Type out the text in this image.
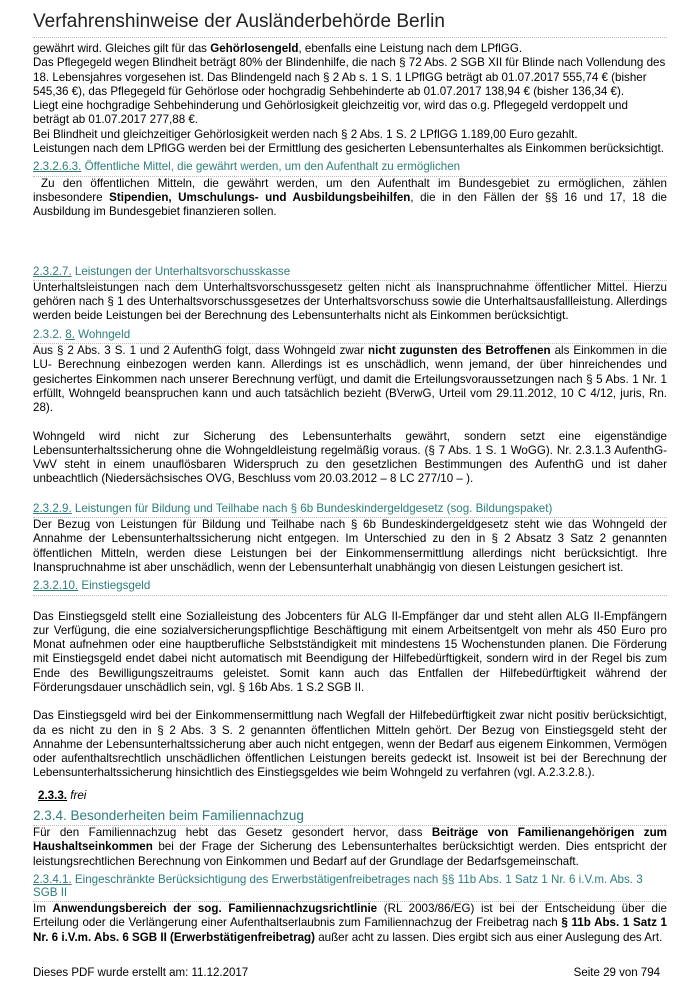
Verfahrenshinweise der Ausländerbehörde Berlin

gewährt wird. Gleiches gilt für das Gehörlosengeld, ebenfalls eine Leistung nach dem LPflGG.

Das Pflegegeld wegen Blindheit beträgt 80% der Blindenhilfe, die nach § 72 Abs. 2 SGB XII für Blinde nach Vollendung des 18. Lebensjahres vorgesehen ist. Das Blindengeld nach § 2 Ab s. 1 S. 1 LPflGG beträgt ab 01.07.2017 555,74 € (bisher 545,36 €), das Pflegegeld für Gehörlose oder hochgradig Sehbehinderte ab 01.07.2017 138,94 € (bisher 136,34 €).

Liegt eine hochgradige Sehbehinderung und Gehörlosigkeit gleichzeitig vor, wird das o.g. Pflegegeld verdoppelt und beträgt ab 01.07.2017 277,88 €.

Bei Blindheit und gleichzeitiger Gehörlosigkeit werden nach § 2 Abs. 1 S. 2 LPflGG 1.189,00 Euro gezahlt.

Leistungen nach dem LPflGG werden bei der Ermittlung des gesicherten Lebensunterhaltes als Einkommen berücksichtigt.

2.3.2.6.3. Öffentliche Mittel, die gewährt werden, um den Aufenthalt zu ermöglichen

Zu den öffentlichen Mitteln, die gewährt werden, um den Aufenthalt im Bundesgebiet zu ermöglichen, zählen insbesondere Stipendien, Umschulungs- und Ausbildungsbeihilfen, die in den Fällen der §§ 16 und 17, 18 die Ausbildung im Bundesgebiet finanzieren sollen.

2.3.2.7. Leistungen der Unterhaltsvorschusskasse

Unterhaltsleistungen nach dem Unterhaltsvorschussgesetz gelten nicht als Inanspruchnahme öffentlicher Mittel. Hierzu gehören nach § 1 des Unterhaltsvorschussgesetzes der Unterhaltsvorschuss sowie die Unterhaltsausfallleistung. Allerdings werden beide Leistungen bei der Berechnung des Lebensunterhalts nicht als Einkommen berücksichtigt.

2.3.2. 8. Wohngeld

Aus § 2 Abs. 3 S. 1 und 2 AufenthG folgt, dass Wohngeld zwar nicht zugunsten des Betroffenen als Einkommen in die LU- Berechnung einbezogen werden kann. Allerdings ist es unschädlich, wenn jemand, der über hinreichendes und gesichertes Einkommen nach unserer Berechnung verfügt, und damit die Erteilungsvoraussetzungen nach § 5 Abs. 1 Nr. 1 erfüllt, Wohngeld beanspruchen kann und auch tatsächlich bezieht (BVerwG, Urteil vom 29.11.2012, 10 C 4/12, juris, Rn. 28).

Wohngeld wird nicht zur Sicherung des Lebensunterhalts gewährt, sondern setzt eine eigenständige Lebensunterhaltssicherung ohne die Wohngeldleistung regelmäßig voraus. (§ 7 Abs. 1 S. 1 WoGG). Nr. 2.3.1.3 AufenthG-VwV steht in einem unauflösbaren Widerspruch zu den gesetzlichen Bestimmungen des AufenthG und ist daher unbeachtlich (Niedersächsisches OVG, Beschluss vom 20.03.2012 – 8 LC 277/10 – ).

2.3.2.9. Leistungen für Bildung und Teilhabe nach § 6b Bundeskindergeldgesetz (sog. Bildungspaket)

Der Bezug von Leistungen für Bildung und Teilhabe nach § 6b Bundeskindergeldgesetz steht wie das Wohngeld der Annahme der Lebensunterhaltssicherung nicht entgegen. Im Unterschied zu den in § 2 Absatz 3 Satz 2 genannten öffentlichen Mitteln, werden diese Leistungen bei der Einkommensermittlung allerdings nicht berücksichtigt. Ihre Inanspruchnahme ist aber unschädlich, wenn der Lebensunterhalt unabhängig von diesen Leistungen gesichert ist.

2.3.2.10. Einstiegsgeld

Das Einstiegsgeld stellt eine Sozialleistung des Jobcenters für ALG II-Empfänger dar und steht allen ALG II-Empfängern zur Verfügung, die eine sozialversicherungspflichtige Beschäftigung mit einem Arbeitsentgelt von mehr als 450 Euro pro Monat aufnehmen oder eine hauptberufliche Selbstständigkeit mit mindestens 15 Wochenstunden planen. Die Förderung mit Einstiegsgeld endet dabei nicht automatisch mit Beendigung der Hilfebedürftigkeit, sondern wird in der Regel bis zum Ende des Bewilligungszeitraums geleistet. Somit kann auch das Entfallen der Hilfebedürftigkeit während der Förderungsdauer unschädlich sein, vgl. § 16b Abs. 1 S.2 SGB II.

Das Einstiegsgeld wird bei der Einkommensermittlung nach Wegfall der Hilfebedürftigkeit zwar nicht positiv berücksichtigt, da es nicht zu den in § 2 Abs. 3 S. 2 genannten öffentlichen Mitteln gehört. Der Bezug von Einstiegsgeld steht der Annahme der Lebensunterhaltssicherung aber auch nicht entgegen, wenn der Bedarf aus eigenem Einkommen, Vermögen oder aufenthaltsrechtlich unschädlichen öffentlichen Leistungen bereits gedeckt ist. Insoweit ist bei der Berechnung der Lebensunterhaltssicherung hinsichtlich des Einstiegsgeldes wie beim Wohngeld zu verfahren (vgl. A.2.3.2.8.).

2.3.3. frei
2.3.4. Besonderheiten beim Familiennachzug

Für den Familiennachzug hebt das Gesetz gesondert hervor, dass Beiträge von Familienangehörigen zum Haushaltseinkommen bei der Frage der Sicherung des Lebensunterhaltes berücksichtigt werden. Dies entspricht der leistungsrechtlichen Berechnung von Einkommen und Bedarf auf der Grundlage der Bedarfsgemeinschaft.

2.3.4.1. Eingeschränkte Berücksichtigung des Erwerbstätigenfreibetrages nach §§ 11b Abs. 1 Satz 1 Nr. 6 i.V.m. Abs. 3 SGB II

Im Anwendungsbereich der sog. Familiennachzugsrichtlinie (RL 2003/86/EG) ist bei der Entscheidung über die Erteilung oder die Verlängerung einer Aufenthaltserlaubnis zum Familiennachzug der Freibetrag nach § 11b Abs. 1 Satz 1 Nr. 6 i.V.m. Abs. 6 SGB II (Erwerbstätigenfreibetrag) außer acht zu lassen. Dies ergibt sich aus einer Auslegung des Art.

Dieses PDF wurde erstellt am: 11.12.2017	Seite 29 von 794
